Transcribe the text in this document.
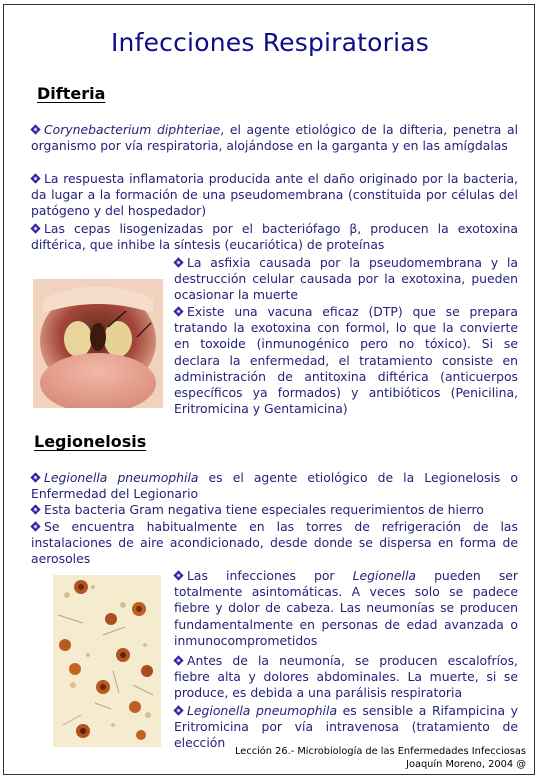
Infecciones Respiratorias
Difteria

Corynebacterium diphteriae, el agente etiológico de la difteria, penetra al organismo por vía respiratoria, alojándose en la garganta y en las amígdalas

La respuesta inflamatoria producida ante el daño originado por la bacteria, da lugar a la formación de una pseudomembrana (constituida por células del patógeno y del hospedador)

Las cepas lisogenizadas por el bacteriófago β, producen la exotoxina diftérica, que inhibe la síntesis (eucariótica) de proteínas

La asfixia causada por la pseudomembrana y la destrucción celular causada por la exotoxina, pueden ocasionar la muerte

Existe una vacuna eficaz (DTP) que se prepara tratando la exotoxina con formol, lo que la convierte en toxoide (inmunogénico pero no tóxico). Si se declara la enfermedad, el tratamiento consiste en administración de antitoxina diftérica (anticuerpos específicos ya formados) y antibióticos (Penicilina, Eritromicina y Gentamicina)

Legionelosis

Legionella pneumophila es el agente etiológico de la Legionelosis o Enfermedad del Legionario

Esta bacteria Gram negativa tiene especiales requerimientos de hierro

Se encuentra habitualmente en las torres de refrigeración de las instalaciones de aire acondicionado, desde donde se dispersa en forma de aerosoles

Las infecciones por Legionella pueden ser totalmente asintomáticas. A veces solo se padece fiebre y dolor de cabeza. Las neumonías se producen fundamentalmente en personas de edad avanzada o inmunocomprometidos

Antes de la neumonía, se producen escalofríos, fiebre alta y dolores abdominales. La muerte, si se produce, es debida a una parálisis respiratoria

Legionella pneumophila es sensible a Rifampicina y Eritromicina por vía intravenosa (tratamiento de elección

Lección 26.- Microbiología de las Enfermedades Infecciosas
Joaquín Moreno, 2004 @
